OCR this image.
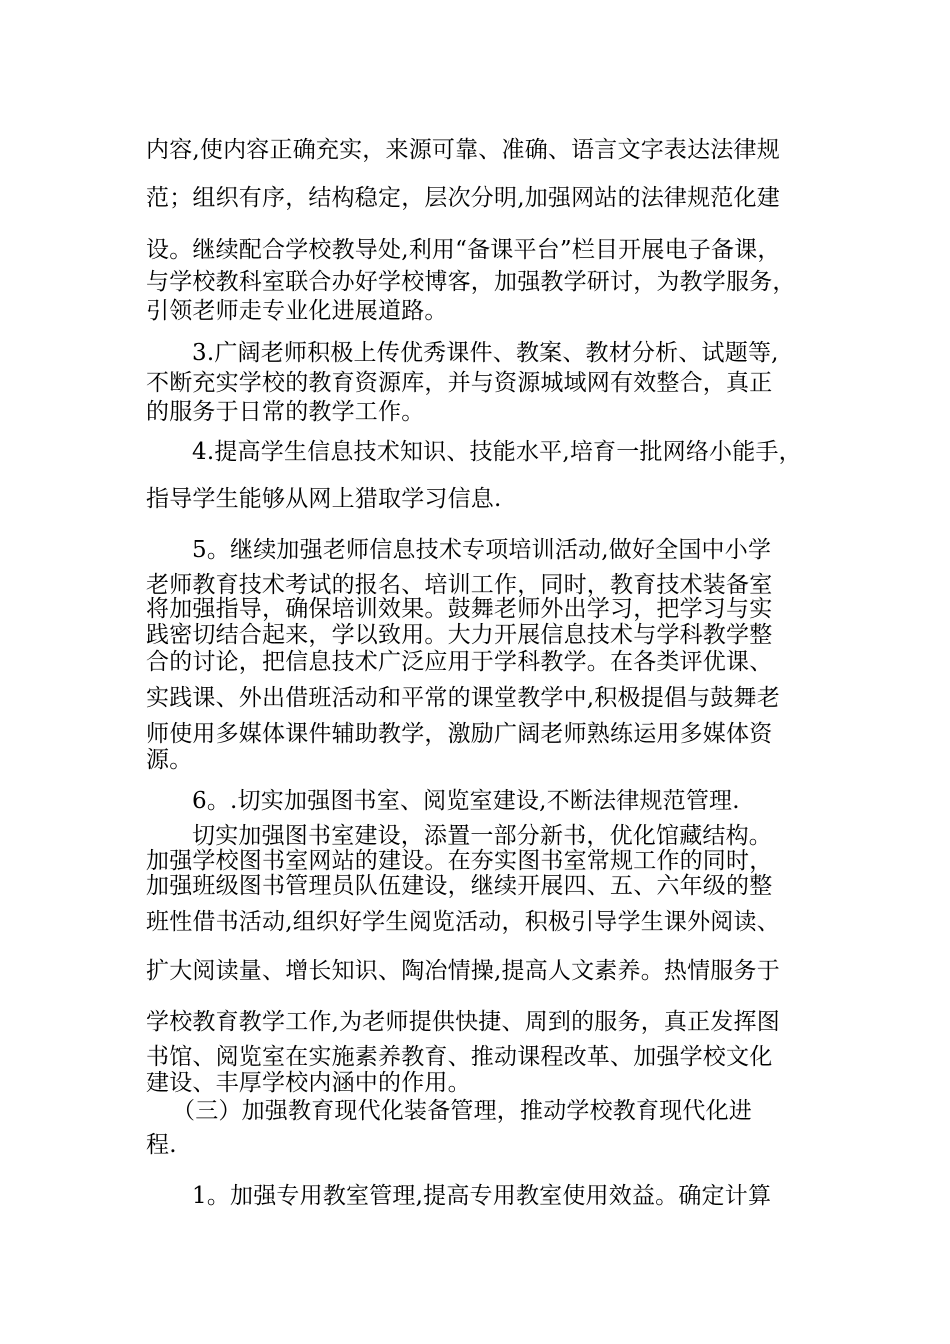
内容,使内容正确充实，来源可靠、准确、语言文字表达法律规
范；组织有序，结构稳定，层次分明,加强网站的法律规范化建
设。继续配合学校教导处,利用“备课平台”栏目开展电子备课，
与学校教科室联合办好学校博客，加强教学研讨，为教学服务，
引领老师走专业化进展道路。
3.广阔老师积极上传优秀课件、教案、教材分析、试题等,
不断充实学校的教育资源库，并与资源城域网有效整合，真正
的服务于日常的教学工作。
4.提高学生信息技术知识、技能水平,培育一批网络小能手，
指导学生能够从网上猎取学习信息.
5。继续加强老师信息技术专项培训活动,做好全国中小学
老师教育技术考试的报名、培训工作，同时，教育技术装备室
将加强指导，确保培训效果。鼓舞老师外出学习，把学习与实
践密切结合起来，学以致用。大力开展信息技术与学科教学整
合的讨论，把信息技术广泛应用于学科教学。在各类评优课、
实践课、外出借班活动和平常的课堂教学中,积极提倡与鼓舞老
师使用多媒体课件辅助教学，激励广阔老师熟练运用多媒体资
源。
6。.切实加强图书室、阅览室建设,不断法律规范管理.
切实加强图书室建设，添置一部分新书，优化馆藏结构。
加强学校图书室网站的建设。在夯实图书室常规工作的同时，
加强班级图书管理员队伍建设，继续开展四、五、六年级的整
班性借书活动,组织好学生阅览活动，积极引导学生课外阅读、
扩大阅读量、增长知识、陶冶情操,提高人文素养。热情服务于
学校教育教学工作,为老师提供快捷、周到的服务，真正发挥图
书馆、阅览室在实施素养教育、推动课程改革、加强学校文化
建设、丰厚学校内涵中的作用。
（三）加强教育现代化装备管理，推动学校教育现代化进
程.
1。加强专用教室管理,提高专用教室使用效益。确定计算
